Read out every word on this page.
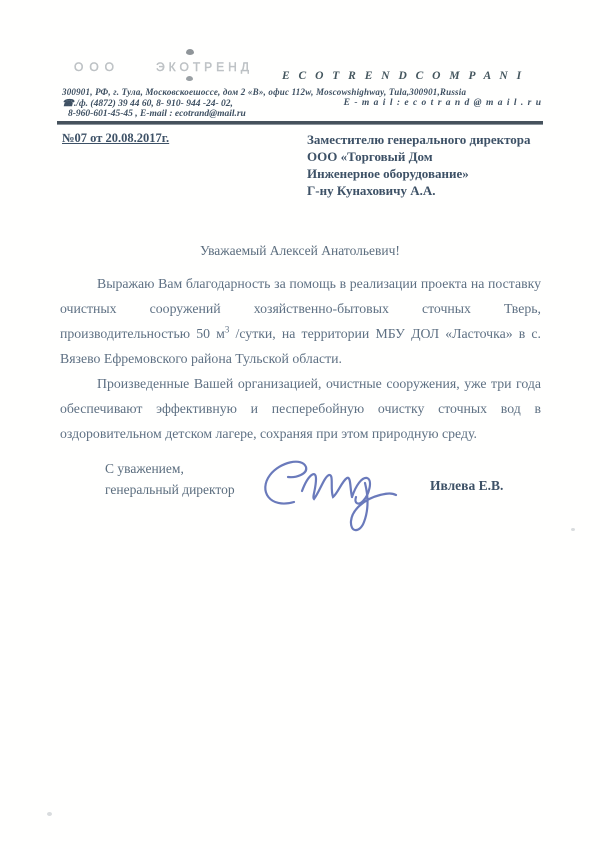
ООО	ЭКОТРЕНД
E C O T R E N D C O M P A N I
300901, РФ, г. Тула, Московскоешоссе, дом 2 «В», офис 112w, Moscowshighway, Tula,300901,Russia
☎./ф. (4872) 39 44 60, 8- 910- 944 -24- 02,	E - m a i l : e c o t r a n d @ m a i l . r u
8-960-601-45-45 , E-mail : ecotrand@mail.ru
№07 от 20.08.2017г.	Заместителю генерального директора
ООО «Торговый Дом
Инженерное оборудование»
Г-ну Кунаховичу А.А.
Уважаемый Алексей Анатольевич!
Выражаю Вам благодарность за помощь в реализации проекта на поставку очистных сооружений хозяйственно-бытовых сточных Тверь, производительностью 50 $м^3$ /сутки, на территории МБУ ДОЛ «Ласточка» в с. Вязево Ефремовского района Тульской области.
Произведенные Вашей организацией, очистные сооружения, уже три года обеспечивают эффективную и песперебойную очистку сточных вод в оздоровительном детском лагере, сохраняя при этом природную среду.
С уважением,
генеральный директор	Ивлева Е.В.
